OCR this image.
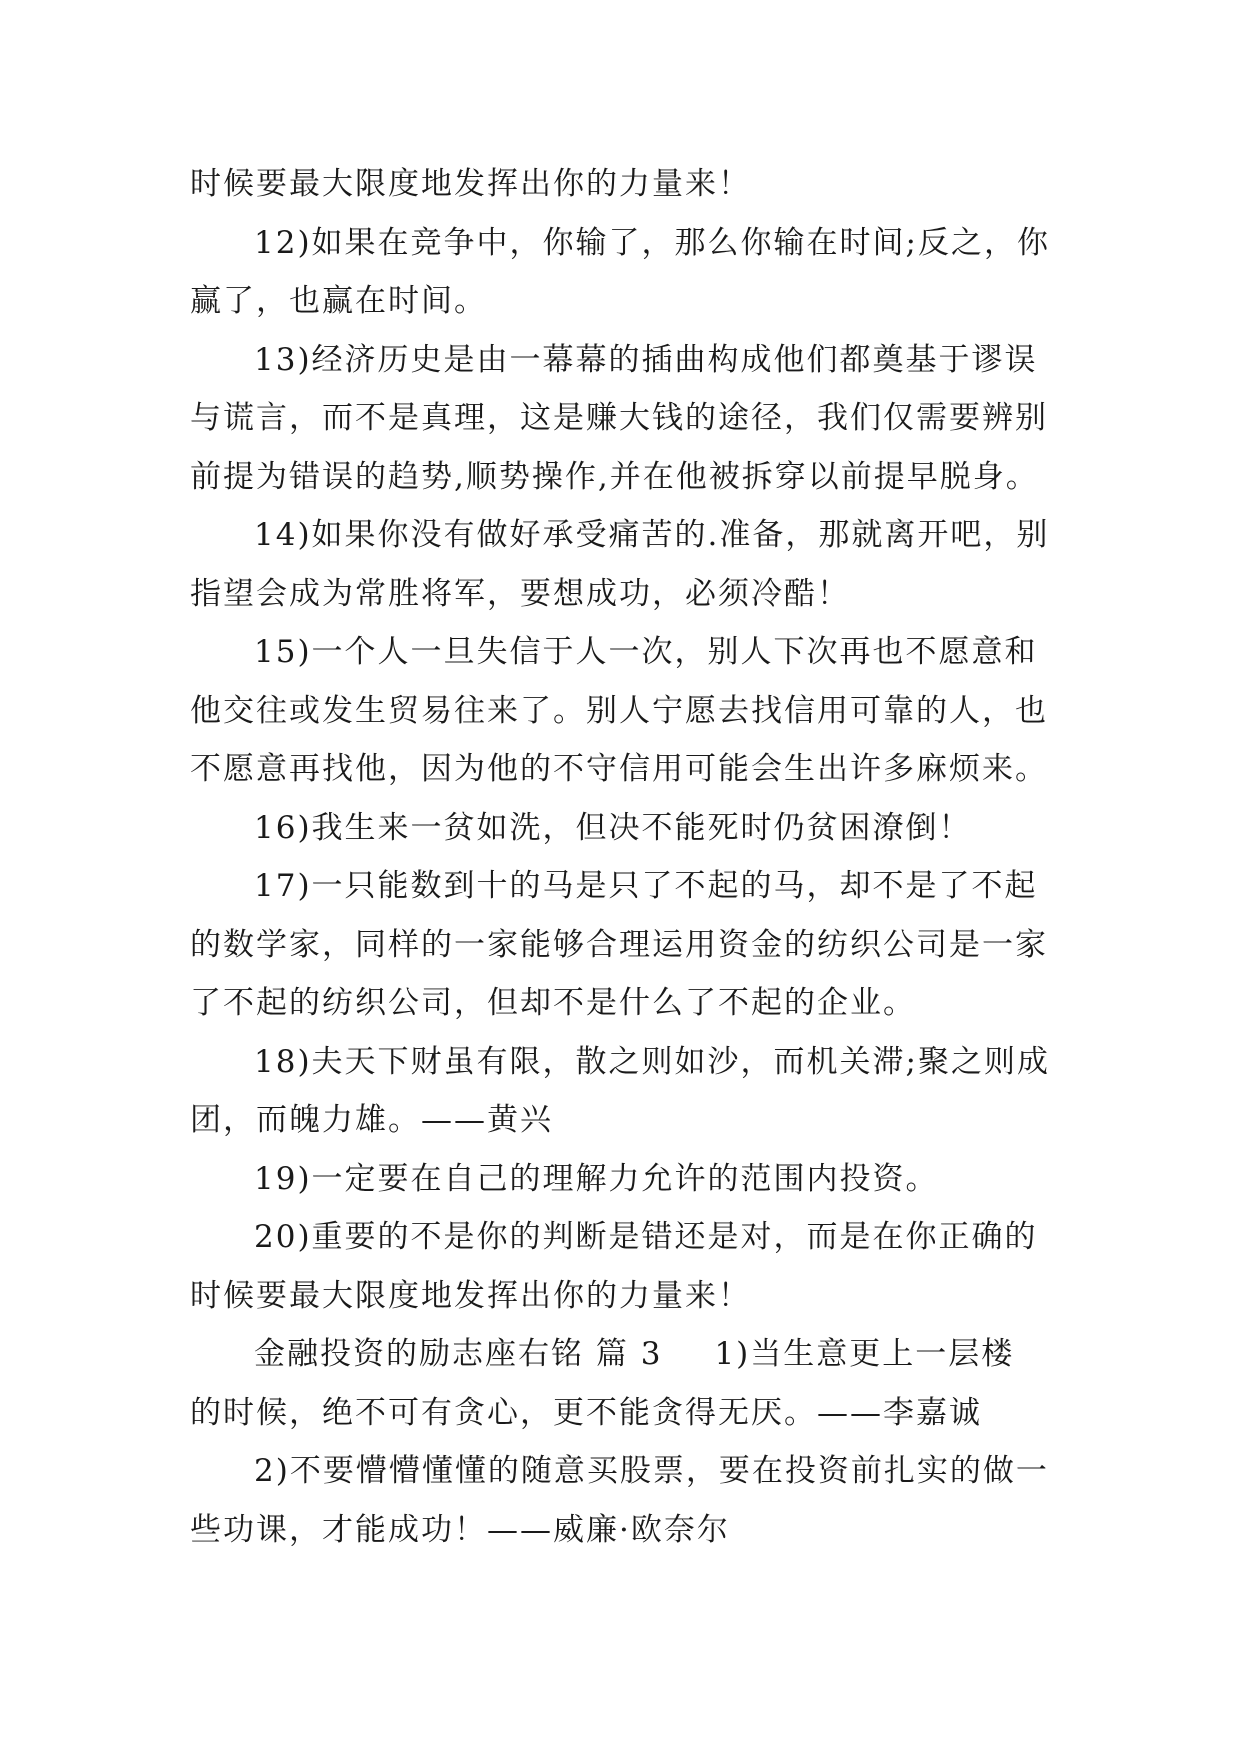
时候要最大限度地发挥出你的力量来！

12)如果在竞争中，你输了，那么你输在时间;反之，你
赢了，也赢在时间。

13)经济历史是由一幕幕的插曲构成他们都奠基于谬误
与谎言，而不是真理，这是赚大钱的途径，我们仅需要辨别
前提为错误的趋势,顺势操作,并在他被拆穿以前提早脱身。

14)如果你没有做好承受痛苦的.准备，那就离开吧，别
指望会成为常胜将军，要想成功，必须冷酷！

15)一个人一旦失信于人一次，别人下次再也不愿意和
他交往或发生贸易往来了。别人宁愿去找信用可靠的人，也
不愿意再找他，因为他的不守信用可能会生出许多麻烦来。

16)我生来一贫如洗，但决不能死时仍贫困潦倒！

17)一只能数到十的马是只了不起的马，却不是了不起
的数学家，同样的一家能够合理运用资金的纺织公司是一家
了不起的纺织公司，但却不是什么了不起的企业。

18)夫天下财虽有限，散之则如沙，而机关滞;聚之则成
团，而魄力雄。——黄兴

19)一定要在自己的理解力允许的范围内投资。

20)重要的不是你的判断是错还是对，而是在你正确的
时候要最大限度地发挥出你的力量来！

金融投资的励志座右铭 篇 3 1)当生意更上一层楼
的时候，绝不可有贪心，更不能贪得无厌。——李嘉诚

2)不要懵懵懂懂的随意买股票，要在投资前扎实的做一
些功课，才能成功！——威廉·欧奈尔
